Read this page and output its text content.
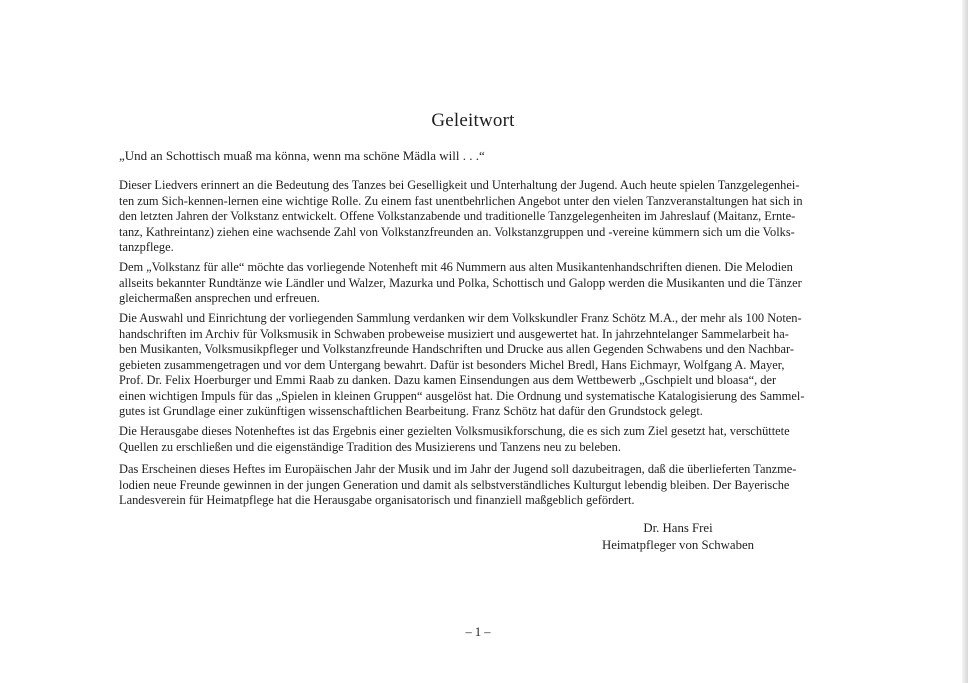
Geleitwort
„Und an Schottisch muaß ma könna, wenn ma schöne Mädla will . . .“

Dieser Liedvers erinnert an die Bedeutung des Tanzes bei Geselligkeit und Unterhaltung der Jugend. Auch heute spielen Tanzgelegenhei-
ten zum Sich-kennen-lernen eine wichtige Rolle. Zu einem fast unentbehrlichen Angebot unter den vielen Tanzveranstaltungen hat sich in
den letzten Jahren der Volkstanz entwickelt. Offene Volkstanzabende und traditionelle Tanzgelegenheiten im Jahreslauf (Maitanz, Ernte-
tanz, Kathreintanz) ziehen eine wachsende Zahl von Volkstanzfreunden an. Volkstanzgruppen und -vereine kümmern sich um die Volks-
tanzpflege.

Dem „Volkstanz für alle“ möchte das vorliegende Notenheft mit 46 Nummern aus alten Musikantenhandschriften dienen. Die Melodien
allseits bekannter Rundtänze wie Ländler und Walzer, Mazurka und Polka, Schottisch und Galopp werden die Musikanten und die Tänzer
gleichermaßen ansprechen und erfreuen.

Die Auswahl und Einrichtung der vorliegenden Sammlung verdanken wir dem Volkskundler Franz Schötz M.A., der mehr als 100 Noten-
handschriften im Archiv für Volksmusik in Schwaben probeweise musiziert und ausgewertet hat. In jahrzehntelanger Sammelarbeit ha-
ben Musikanten, Volksmusikpfleger und Volkstanzfreunde Handschriften und Drucke aus allen Gegenden Schwabens und den Nachbar-
gebieten zusammengetragen und vor dem Untergang bewahrt. Dafür ist besonders Michel Bredl, Hans Eichmayr, Wolfgang A. Mayer,
Prof. Dr. Felix Hoerburger und Emmi Raab zu danken. Dazu kamen Einsendungen aus dem Wettbewerb „Gschpielt und bloasa“, der
einen wichtigen Impuls für das „Spielen in kleinen Gruppen“ ausgelöst hat. Die Ordnung und systematische Katalogisierung des Sammel-
gutes ist Grundlage einer zukünftigen wissenschaftlichen Bearbeitung. Franz Schötz hat dafür den Grundstock gelegt.

Die Herausgabe dieses Notenheftes ist das Ergebnis einer gezielten Volksmusikforschung, die es sich zum Ziel gesetzt hat, verschüttete
Quellen zu erschließen und die eigenständige Tradition des Musizierens und Tanzens neu zu beleben.

Das Erscheinen dieses Heftes im Europäischen Jahr der Musik und im Jahr der Jugend soll dazubeitragen, daß die überlieferten Tanzme-
lodien neue Freunde gewinnen in der jungen Generation und damit als selbstverständliches Kulturgut lebendig bleiben. Der Bayerische
Landesverein für Heimatpflege hat die Herausgabe organisatorisch und finanziell maßgeblich gefördert.

Dr. Hans Frei
Heimatpfleger von Schwaben
– 1 –
